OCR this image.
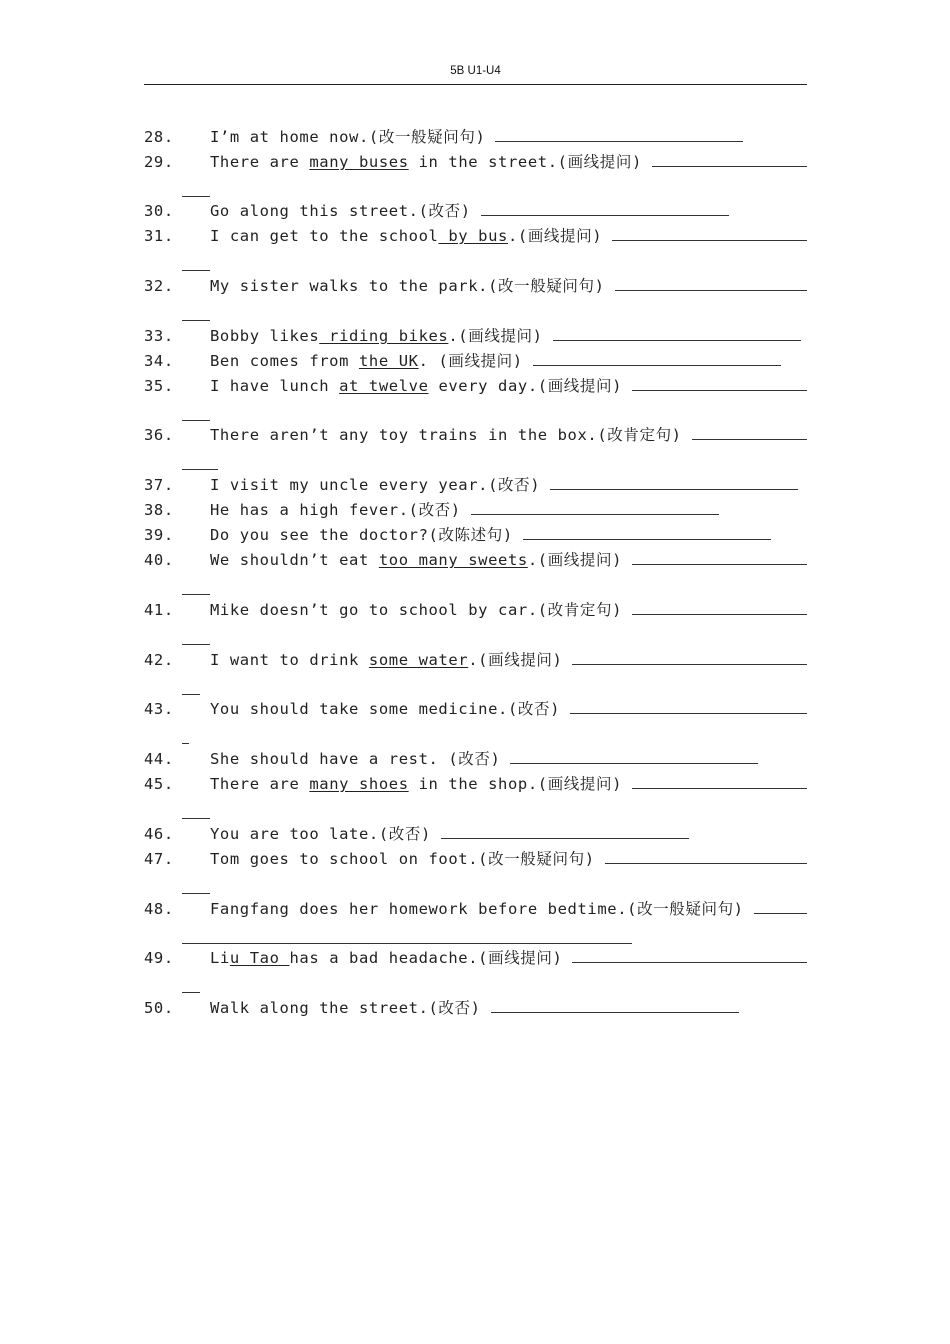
5B U1-U4
28. I’m at home now.(改一般疑问句)
29. There are many buses in the street.(画线提问)
30. Go along this street.(改否)
31. I can get to the school by bus.(画线提问)
32. My sister walks to the park.(改一般疑问句)
33. Bobby likes riding bikes.(画线提问)
34. Ben comes from the UK. (画线提问)
35. I have lunch at twelve every day.(画线提问)
36. There aren’t any toy trains in the box.(改肯定句)
37. I visit my uncle every year.(改否)
38. He has a high fever.(改否)
39. Do you see the doctor?(改陈述句)
40. We shouldn’t eat too many sweets.(画线提问)
41. Mike doesn’t go to school by car.(改肯定句)
42. I want to drink some water.(画线提问)
43. You should take some medicine.(改否)
44. She should have a rest. (改否)
45. There are many shoes in the shop.(画线提问)
46. You are too late.(改否)
47. Tom goes to school on foot.(改一般疑问句)
48. Fangfang does her homework before bedtime.(改一般疑问句)
49. Liu Tao has a bad headache.(画线提问)
50. Walk along the street.(改否)
